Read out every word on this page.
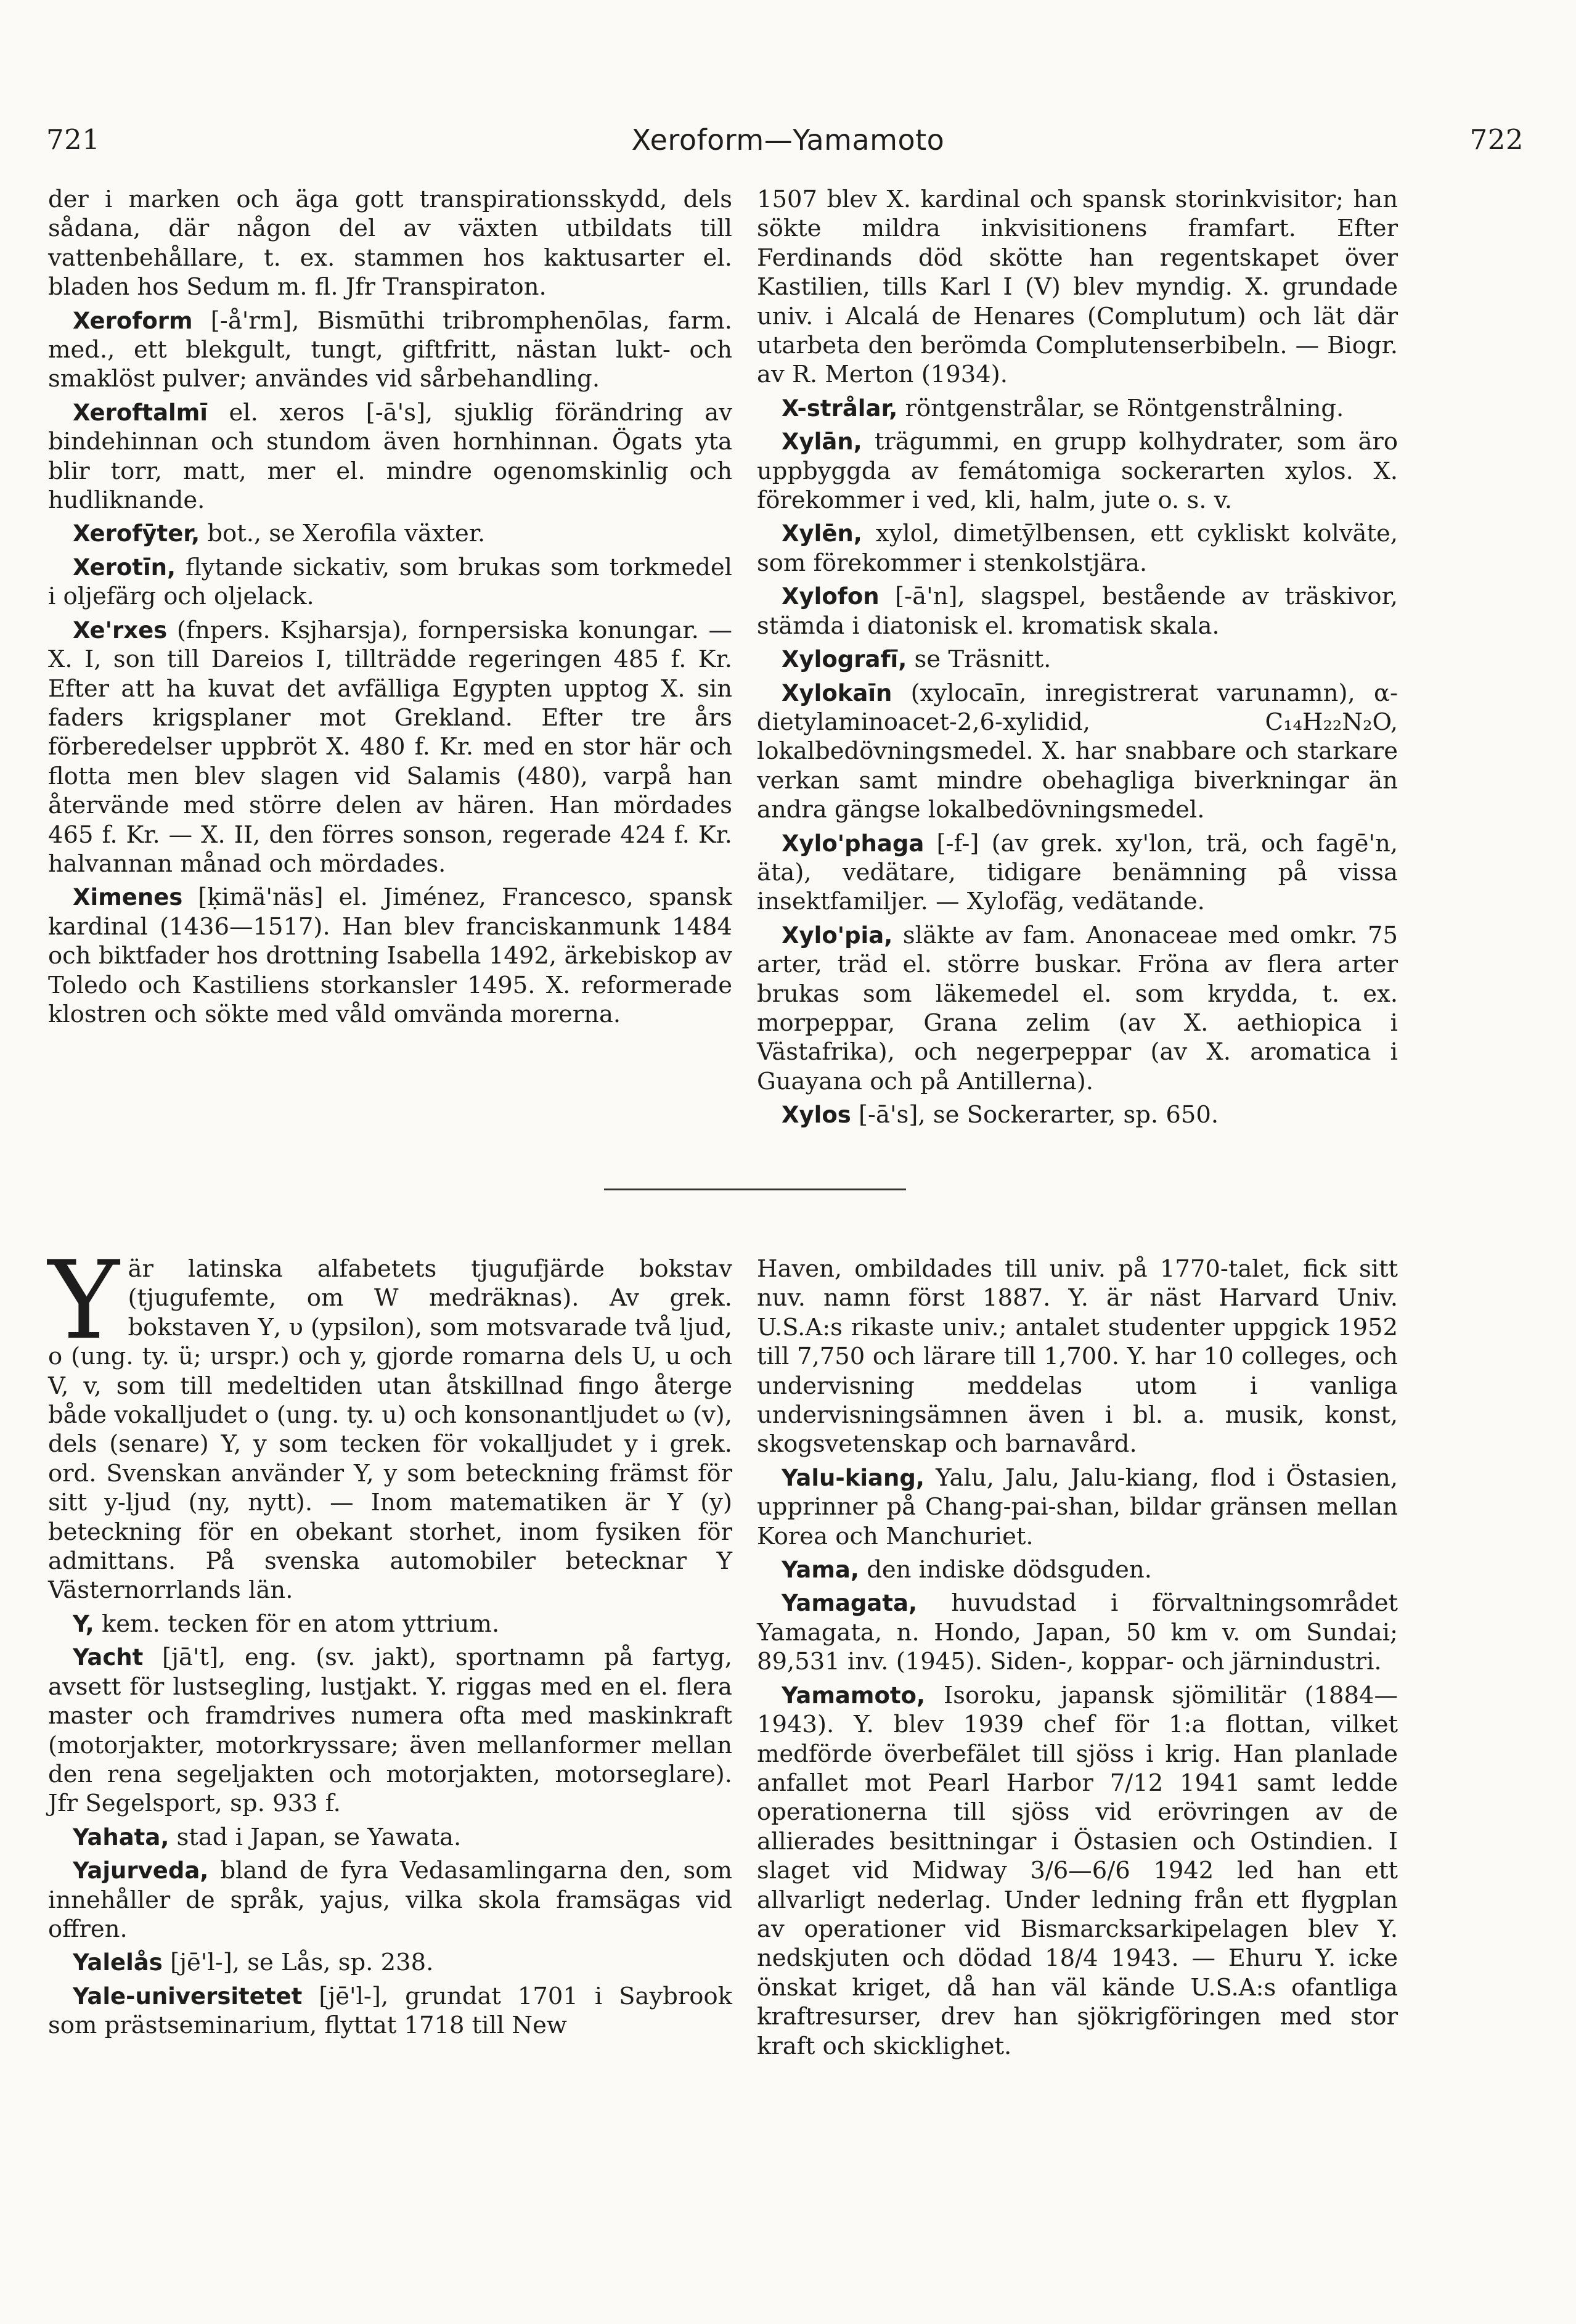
721	Xeroform—Yamamoto	722

der i marken och äga gott transpirationsskydd, dels sådana, där någon del av växten utbildats till vattenbehållare, t. ex. stammen hos kaktusarter el. bladen hos Sedum m. fl. Jfr Transpiraton.

Xeroform [-å'rm], Bismūthi tribromphenōlas, farm. med., ett blekgult, tungt, giftfritt, nästan lukt- och smaklöst pulver; användes vid sårbehandling.

Xeroftalmī el. xeros [-ā's], sjuklig förändring av bindehinnan och stundom även hornhinnan. Ögats yta blir torr, matt, mer el. mindre ogenomskinlig och hudliknande.

Xerofȳter, bot., se Xerofila växter.

Xerotīn, flytande sickativ, som brukas som torkmedel i oljefärg och oljelack.

Xe'rxes (fnpers. Ksjharsja), fornpersiska konungar. — X. I, son till Dareios I, tillträdde regeringen 485 f. Kr. Efter att ha kuvat det avfälliga Egypten upptog X. sin faders krigsplaner mot Grekland. Efter tre års förberedelser uppbröt X. 480 f. Kr. med en stor här och flotta men blev slagen vid Salamis (480), varpå han återvände med större delen av hären. Han mördades 465 f. Kr. — X. II, den förres sonson, regerade 424 f. Kr. halvannan månad och mördades.

Ximenes [ḳimä'näs] el. Jiménez, Francesco, spansk kardinal (1436—1517). Han blev franciskanmunk 1484 och biktfader hos drottning Isabella 1492, ärkebiskop av Toledo och Kastiliens storkansler 1495. X. reformerade klostren och sökte med våld omvända morerna.

1507 blev X. kardinal och spansk storinkvisitor; han sökte mildra inkvisitionens framfart. Efter Ferdinands död skötte han regentskapet över Kastilien, tills Karl I (V) blev myndig. X. grundade univ. i Alcalá de Henares (Complutum) och lät där utarbeta den berömda Complutenserbibeln. — Biogr. av R. Merton (1934).

X-strålar, röntgenstrålar, se Röntgenstrålning.

Xylān, trägummi, en grupp kolhydrater, som äro uppbyggda av femátomiga sockerarten xylos. X. förekommer i ved, kli, halm, jute o. s. v.

Xylēn, xylol, dimetȳlbensen, ett cykliskt kolväte, som förekommer i stenkolstjära.

Xylofon [-ā'n], slagspel, bestående av träskivor, stämda i diatonisk el. kromatisk skala.

Xylografī, se Träsnitt.

Xylokaīn (xylocaīn, inregistrerat varunamn), α-dietylaminoacet-2,6-xylidid, C₁₄H₂₂N₂O, lokalbedövningsmedel. X. har snabbare och starkare verkan samt mindre obehagliga biverkningar än andra gängse lokalbedövningsmedel.

Xylo'phaga [-f-] (av grek. xy'lon, trä, och fagē'n, äta), vedätare, tidigare benämning på vissa insektfamiljer. — Xylofäg, vedätande.

Xylo'pia, släkte av fam. Anonaceae med omkr. 75 arter, träd el. större buskar. Fröna av flera arter brukas som läkemedel el. som krydda, t. ex. morpeppar, Grana zelim (av X. aethiopica i Västafrika), och negerpeppar (av X. aromatica i Guayana och på Antillerna).

Xylos [-ā's], se Sockerarter, sp. 650.

Yär latinska alfabetets tjugufjärde bokstav (tjugufemte, om W medräknas). Av grek. bokstaven Υ, υ (ypsilon), som motsvarade två ljud, o (ung. ty. ü; urspr.) och y, gjorde romarna dels U, u och V, v, som till medeltiden utan åtskillnad fingo återge både vokalljudet o (ung. ty. u) och konsonantljudet ω (v), dels (senare) Y, y som tecken för vokalljudet y i grek. ord. Svenskan använder Y, y som beteckning främst för sitt y-ljud (ny, nytt). — Inom matematiken är Y (y) beteckning för en obekant storhet, inom fysiken för admittans. På svenska automobiler betecknar Y Västernorrlands län.

Y, kem. tecken för en atom yttrium.

Yacht [jā't], eng. (sv. jakt), sportnamn på fartyg, avsett för lustsegling, lustjakt. Y. riggas med en el. flera master och framdrives numera ofta med maskinkraft (motorjakter, motorkryssare; även mellanformer mellan den rena segeljakten och motorjakten, motorseglare). Jfr Segelsport, sp. 933 f.

Yahata, stad i Japan, se Yawata.

Yajurveda, bland de fyra Vedasamlingarna den, som innehåller de språk, yajus, vilka skola framsägas vid offren.

Yalelås [jē'l-], se Lås, sp. 238.

Yale-universitetet [jē'l-], grundat 1701 i Saybrook som prästseminarium, flyttat 1718 till New

Haven, ombildades till univ. på 1770-talet, fick sitt nuv. namn först 1887. Y. är näst Harvard Univ. U.S.A:s rikaste univ.; antalet studenter uppgick 1952 till 7,750 och lärare till 1,700. Y. har 10 colleges, och undervisning meddelas utom i vanliga undervisningsämnen även i bl. a. musik, konst, skogsvetenskap och barnavård.

Yalu-kiang, Yalu, Jalu, Jalu-kiang, flod i Östasien, upprinner på Chang-pai-shan, bildar gränsen mellan Korea och Manchuriet.

Yama, den indiske dödsguden.

Yamagata, huvudstad i förvaltningsområdet Yamagata, n. Hondo, Japan, 50 km v. om Sundai; 89,531 inv. (1945). Siden-, koppar- och järnindustri.

Yamamoto, Isoroku, japansk sjömilitär (1884—1943). Y. blev 1939 chef för 1:a flottan, vilket medförde överbefälet till sjöss i krig. Han planlade anfallet mot Pearl Harbor 7/12 1941 samt ledde operationerna till sjöss vid erövringen av de allierades besittningar i Östasien och Ostindien. I slaget vid Midway 3/6—6/6 1942 led han ett allvarligt nederlag. Under ledning från ett flygplan av operationer vid Bismarcksarkipelagen blev Y. nedskjuten och dödad 18/4 1943. — Ehuru Y. icke önskat kriget, då han väl kände U.S.A:s ofantliga kraftresurser, drev han sjökrigföringen med stor kraft och skicklighet.
